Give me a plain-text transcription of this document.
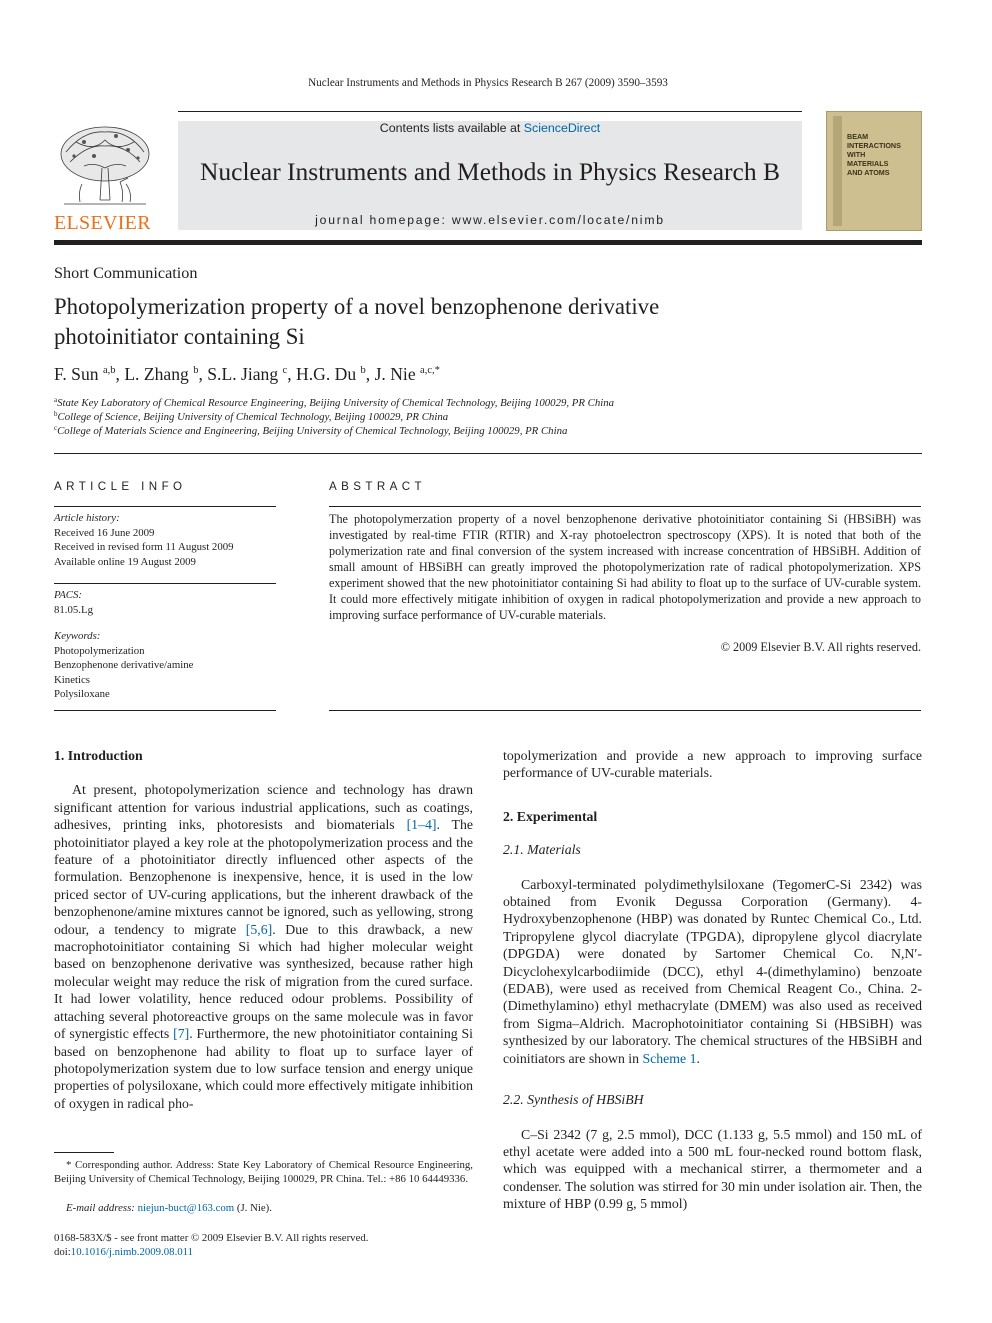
Nuclear Instruments and Methods in Physics Research B 267 (2009) 3590–3593
ELSEVIER
Contents lists available at ScienceDirect
Nuclear Instruments and Methods in Physics Research B
journal homepage: www.elsevier.com/locate/nimb
BEAM
INTERACTIONS
WITH
MATERIALS
AND ATOMS
Short Communication
Photopolymerization property of a novel benzophenone derivative
photoinitiator containing Si
F. Sun $^{a,b}$, L. Zhang $^b$, S.L. Jiang $^c$, H.G. Du $^b$, J. Nie $^{a,c,*}$
$^a$State Key Laboratory of Chemical Resource Engineering, Beijing University of Chemical Technology, Beijing 100029, PR China
$^b$College of Science, Beijing University of Chemical Technology, Beijing 100029, PR China
$^c$College of Materials Science and Engineering, Beijing University of Chemical Technology, Beijing 100029, PR China
ARTICLE INFO
Article history:
Received 16 June 2009
Received in revised form 11 August 2009
Available online 19 August 2009
PACS:
81.05.Lg
Keywords:
Photopolymerization
Benzophenone derivative/amine
Kinetics
Polysiloxane
ABSTRACT
The photopolymerzation property of a novel benzophenone derivative photoinitiator containing Si (HBSiBH) was investigated by real-time FTIR (RTIR) and X-ray photoelectron spectroscopy (XPS). It is noted that both of the polymerization rate and final conversion of the system increased with increase concentration of HBSiBH. Addition of small amount of HBSiBH can greatly improved the photopolymerization rate of radical photopolymerization. XPS experiment showed that the new photoinitiator containing Si had ability to float up to the surface of UV-curable system. It could more effectively mitigate inhibition of oxygen in radical photopolymerization and provide a new approach to improving surface performance of UV-curable materials.
© 2009 Elsevier B.V. All rights reserved.
1. Introduction

At present, photopolymerization science and technology has drawn significant attention for various industrial applications, such as coatings, adhesives, printing inks, photoresists and biomaterials [1–4]. The photoinitiator played a key role at the photopolymerization process and the feature of a photoinitiator directly influenced other aspects of the formulation. Benzophenone is inexpensive, hence, it is used in the low priced sector of UV-curing applications, but the inherent drawback of the benzophenone/amine mixtures cannot be ignored, such as yellowing, strong odour, a tendency to migrate [5,6]. Due to this drawback, a new macrophotoinitiator containing Si which had higher molecular weight based on benzophenone derivative was synthesized, because rather high molecular weight may reduce the risk of migration from the cured surface. It had lower volatility, hence reduced odour problems. Possibility of attaching several photoreactive groups on the same molecule was in favor of synergistic effects [7]. Furthermore, the new photoinitiator containing Si based on benzophenone had ability to float up to surface layer of photopolymerization system due to low surface tension and energy unique properties of polysiloxane, which could more effectively mitigate inhibition of oxygen in radical pho-

topolymerization and provide a new approach to improving surface performance of UV-curable materials.
2. Experimental
2.1. Materials

Carboxyl-terminated polydimethylsiloxane (TegomerC-Si 2342) was obtained from Evonik Degussa Corporation (Germany). 4-Hydroxybenzophenone (HBP) was donated by Runtec Chemical Co., Ltd. Tripropylene glycol diacrylate (TPGDA), dipropylene glycol diacrylate (DPGDA) were donated by Sartomer Chemical Co. N,N′-Dicyclohexylcarbodiimide (DCC), ethyl 4-(dimethylamino) benzoate (EDAB), were used as received from Chemical Reagent Co., China. 2-(Dimethylamino) ethyl methacrylate (DMEM) was also used as received from Sigma–Aldrich. Macrophotoinitiator containing Si (HBSiBH) was synthesized by our laboratory. The chemical structures of the HBSiBH and coinitiators are shown in Scheme 1.

2.2. Synthesis of HBSiBH

C–Si 2342 (7 g, 2.5 mmol), DCC (1.133 g, 5.5 mmol) and 150 mL of ethyl acetate were added into a 500 mL four-necked round bottom flask, which was equipped with a mechanical stirrer, a thermometer and a condenser. The solution was stirred for 30 min under isolation air. Then, the mixture of HBP (0.99 g, 5 mmol)

* Corresponding author. Address: State Key Laboratory of Chemical Resource Engineering, Beijing University of Chemical Technology, Beijing 100029, PR China. Tel.: +86 10 64449336.
E-mail address: niejun-buct@163.com (J. Nie).
0168-583X/$ - see front matter © 2009 Elsevier B.V. All rights reserved.
doi:10.1016/j.nimb.2009.08.011
